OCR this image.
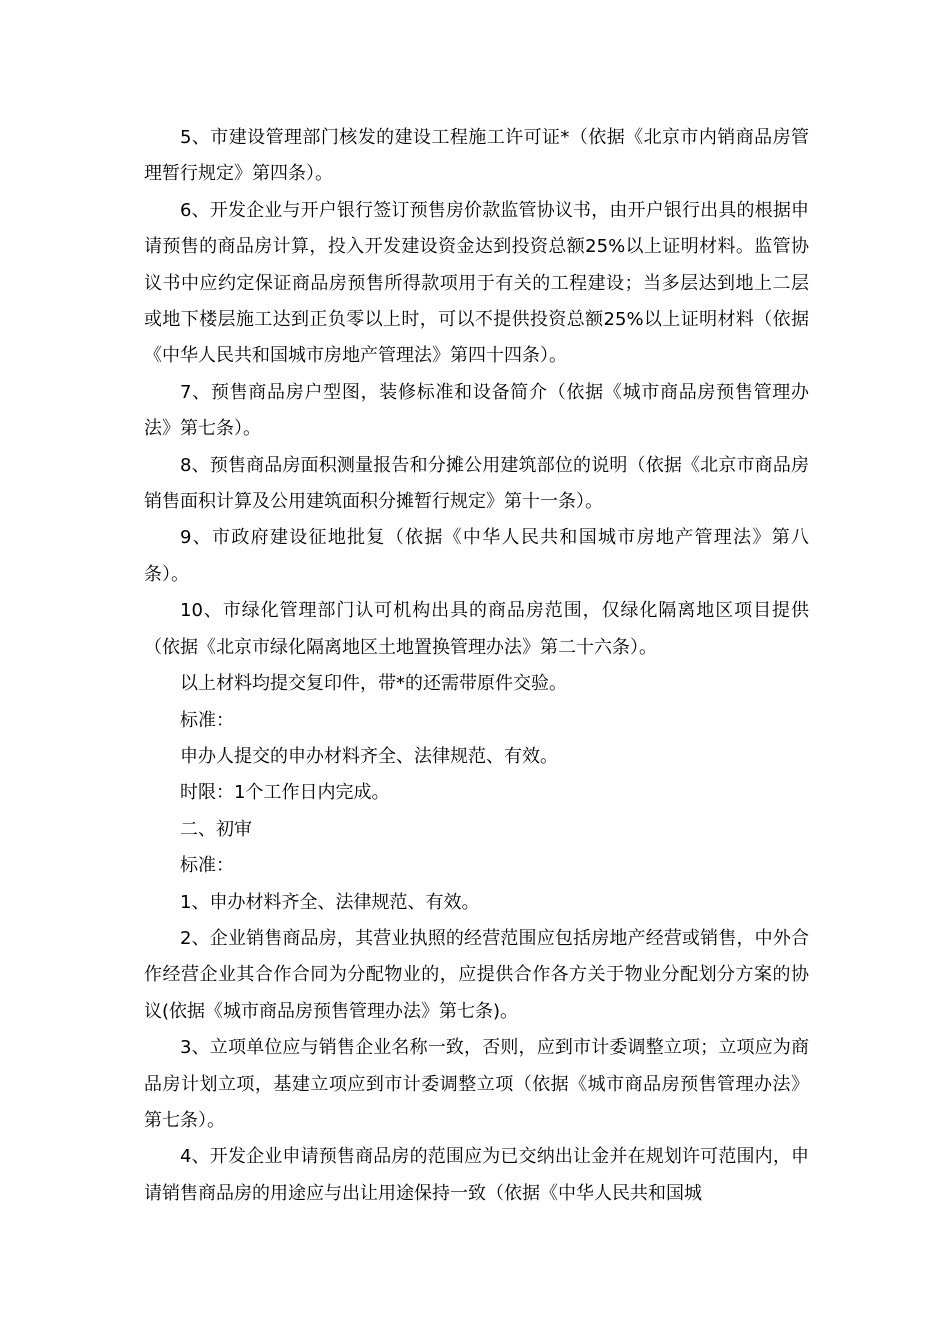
5、市建设管理部门核发的建设工程施工许可证*（依据《北京市内销商品房管理暂行规定》第四条）。

6、开发企业与开户银行签订预售房价款监管协议书，由开户银行出具的根据申请预售的商品房计算，投入开发建设资金达到投资总额25%以上证明材料。监管协议书中应约定保证商品房预售所得款项用于有关的工程建设；当多层达到地上二层或地下楼层施工达到正负零以上时，可以不提供投资总额25%以上证明材料（依据《中华人民共和国城市房地产管理法》第四十四条）。

7、预售商品房户型图，装修标准和设备简介（依据《城市商品房预售管理办法》第七条）。

8、预售商品房面积测量报告和分摊公用建筑部位的说明（依据《北京市商品房销售面积计算及公用建筑面积分摊暂行规定》第十一条）。

9、市政府建设征地批复（依据《中华人民共和国城市房地产管理法》第八条）。

10、市绿化管理部门认可机构出具的商品房范围，仅绿化隔离地区项目提供（依据《北京市绿化隔离地区土地置换管理办法》第二十六条）。

以上材料均提交复印件，带*的还需带原件交验。

标准：

申办人提交的申办材料齐全、法律规范、有效。

时限：1个工作日内完成。

二、初审

标准：

1、申办材料齐全、法律规范、有效。

2、企业销售商品房，其营业执照的经营范围应包括房地产经营或销售，中外合作经营企业其合作合同为分配物业的，应提供合作各方关于物业分配划分方案的协议(依据《城市商品房预售管理办法》第七条)。

3、立项单位应与销售企业名称一致，否则，应到市计委调整立项；立项应为商品房计划立项，基建立项应到市计委调整立项（依据《城市商品房预售管理办法》第七条）。

4、开发企业申请预售商品房的范围应为已交纳出让金并在规划许可范围内，申请销售商品房的用途应与出让用途保持一致（依据《中华人民共和国城
